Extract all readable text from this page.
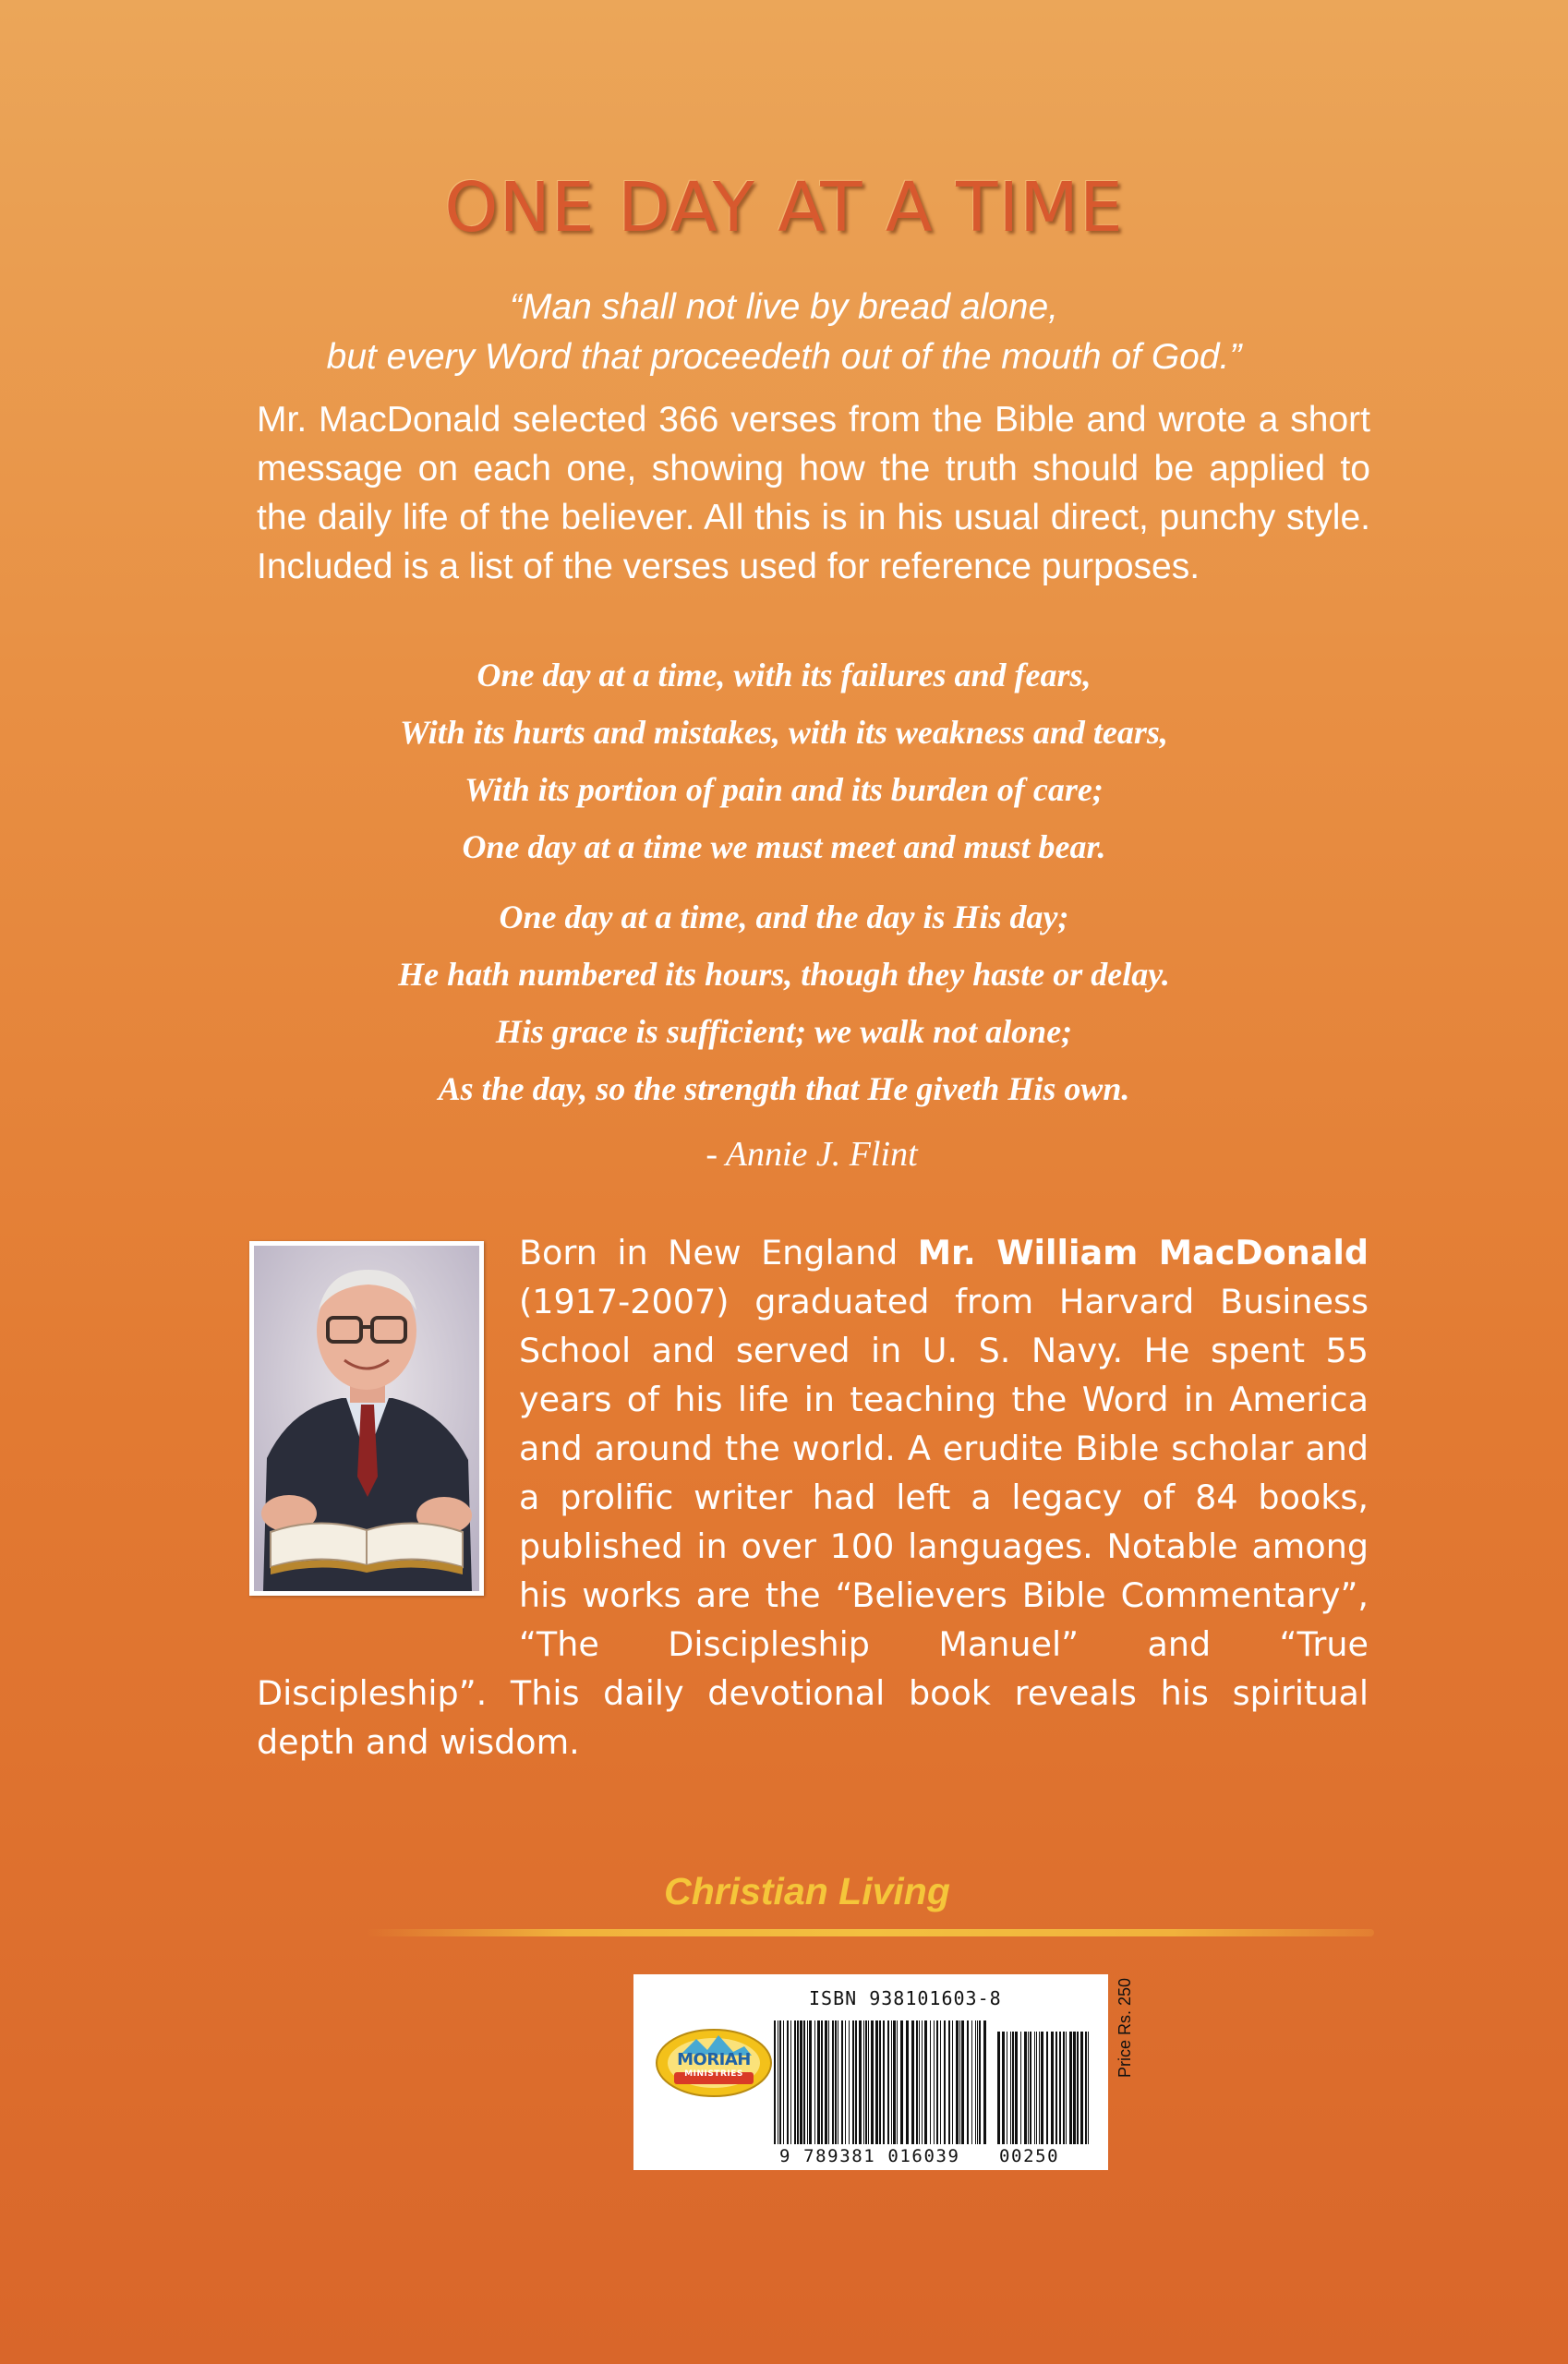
ONE DAY AT A TIME
“Man shall not live by bread alone,
but every Word that proceedeth out of the mouth of God.”
Mr. MacDonald selected 366 verses from the Bible and wrote a short message on each one, showing how the truth should be applied to the daily life of the believer. All this is in his usual direct, punchy style. Included is a list of the verses used for reference purposes.
One day at a time, with its failures and fears,
With its hurts and mistakes, with its weakness and tears,
With its portion of pain and its burden of care;
One day at a time we must meet and must bear.
One day at a time, and the day is His day;
He hath numbered its hours, though they haste or delay.
His grace is sufficient; we walk not alone;
As the day, so the strength that He giveth His own.
- Annie J. Flint
Born in New England Mr. William MacDonald (1917-2007) graduated from Harvard Business School and served in U. S. Navy. He spent 55 years of his life in teaching the Word in America and around the world. A erudite Bible scholar and a prolific writer had left a legacy of 84 books, published in over 100 languages. Notable among his works are the “Believers Bible Commentary”, “The Discipleship Manuel” and “True Discipleship”. This daily devotional book reveals his spiritual depth and wisdom.
Christian Living
ISBN 938101603-8
MORIAH
MINISTRIES
9 789381 016039 00250
Price Rs. 250
